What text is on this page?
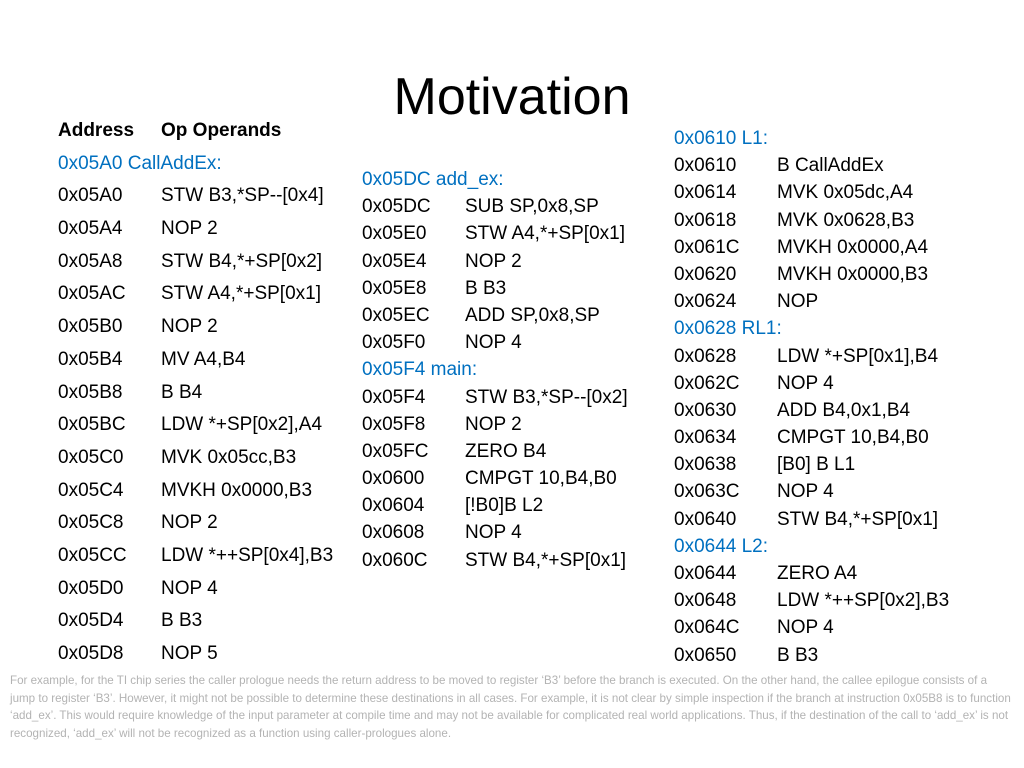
Motivation
Address	Op Operands
0x05A0 CallAddEx:
0x05A0	STW B3,*SP--[0x4]
0x05A4	NOP 2
0x05A8	STW B4,*+SP[0x2]
0x05AC	STW A4,*+SP[0x1]
0x05B0	NOP 2
0x05B4	MV A4,B4
0x05B8	B B4
0x05BC	LDW *+SP[0x2],A4
0x05C0	MVK 0x05cc,B3
0x05C4	MVKH 0x0000,B3
0x05C8	NOP 2
0x05CC	LDW *++SP[0x4],B3
0x05D0	NOP 4
0x05D4	B B3
0x05D8	NOP 5
0x05DC add_ex:
0x05DC	SUB SP,0x8,SP
0x05E0	STW A4,*+SP[0x1]
0x05E4	NOP 2
0x05E8	B B3
0x05EC	ADD SP,0x8,SP
0x05F0	NOP 4
0x05F4 main:
0x05F4	STW B3,*SP--[0x2]
0x05F8	NOP 2
0x05FC	ZERO B4
0x0600	CMPGT 10,B4,B0
0x0604	[!B0]B L2
0x0608	NOP 4
0x060C	STW B4,*+SP[0x1]
0x0610 L1:
0x0610	B CallAddEx
0x0614	MVK 0x05dc,A4
0x0618	MVK 0x0628,B3
0x061C	MVKH 0x0000,A4
0x0620	MVKH 0x0000,B3
0x0624	NOP
0x0628 RL1:
0x0628	LDW *+SP[0x1],B4
0x062C	NOP 4
0x0630	ADD B4,0x1,B4
0x0634	CMPGT 10,B4,B0
0x0638	[B0] B L1
0x063C	NOP 4
0x0640	STW B4,*+SP[0x1]
0x0644 L2:
0x0644	ZERO A4
0x0648	LDW *++SP[0x2],B3
0x064C	NOP 4
0x0650	B B3
For example, for the TI chip series the caller prologue needs the return address to be moved to register ‘B3’ before the branch is executed. On the other hand, the callee epilogue consists of a jump to register ‘B3’. However, it might not be possible to determine these destinations in all cases. For example, it is not clear by simple inspection if the branch at instruction 0x05B8 is to function ‘add_ex’. This would require knowledge of the input parameter at compile time and may not be available for complicated real world applications. Thus, if the destination of the call to ‘add_ex’ is not recognized, ‘add_ex’ will not be recognized as a function using caller-prologues alone.
